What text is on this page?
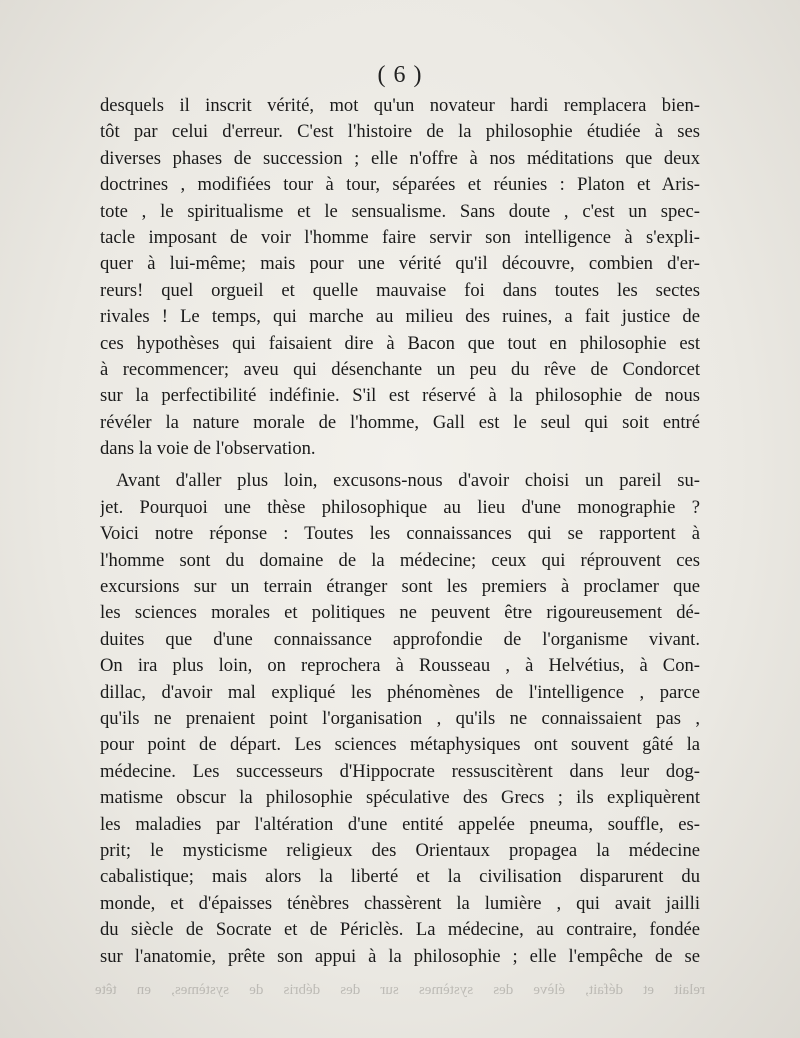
( 6 )
desquels il inscrit vérité, mot qu'un novateur hardi remplacera bien-
tôt par celui d'erreur. C'est l'histoire de la philosophie étudiée à ses
diverses phases de succession ; elle n'offre à nos méditations que deux
doctrines , modifiées tour à tour, séparées et réunies : Platon et Aris-
tote , le spiritualisme et le sensualisme. Sans doute , c'est un spec-
tacle imposant de voir l'homme faire servir son intelligence à s'expli-
quer à lui-même; mais pour une vérité qu'il découvre, combien d'er-
reurs! quel orgueil et quelle mauvaise foi dans toutes les sectes
rivales ! Le temps, qui marche au milieu des ruines, a fait justice de
ces hypothèses qui faisaient dire à Bacon que tout en philosophie est
à recommencer; aveu qui désenchante un peu du rêve de Condorcet
sur la perfectibilité indéfinie. S'il est réservé à la philosophie de nous
révéler la nature morale de l'homme, Gall est le seul qui soit entré
dans la voie de l'observation.
Avant d'aller plus loin, excusons-nous d'avoir choisi un pareil su-
jet. Pourquoi une thèse philosophique au lieu d'une monographie ?
Voici notre réponse : Toutes les connaissances qui se rapportent à
l'homme sont du domaine de la médecine; ceux qui réprouvent ces
excursions sur un terrain étranger sont les premiers à proclamer que
les sciences morales et politiques ne peuvent être rigoureusement dé-
duites que d'une connaissance approfondie de l'organisme vivant.
On ira plus loin, on reprochera à Rousseau , à Helvétius, à Con-
dillac, d'avoir mal expliqué les phénomènes de l'intelligence , parce
qu'ils ne prenaient point l'organisation , qu'ils ne connaissaient pas ,
pour point de départ. Les sciences métaphysiques ont souvent gâté la
médecine. Les successeurs d'Hippocrate ressuscitèrent dans leur dog-
matisme obscur la philosophie spéculative des Grecs ; ils expliquèrent
les maladies par l'altération d'une entité appelée pneuma, souffle, es-
prit; le mysticisme religieux des Orientaux propagea la médecine
cabalistique; mais alors la liberté et la civilisation disparurent du
monde, et d'épaisses ténèbres chassèrent la lumière , qui avait jailli
du siècle de Socrate et de Périclès. La médecine, au contraire, fondée
sur l'anatomie, prête son appui à la philosophie ; elle l'empêche de se
relait et défait, élève des systèmes sur des débris de systèmes, en tête
